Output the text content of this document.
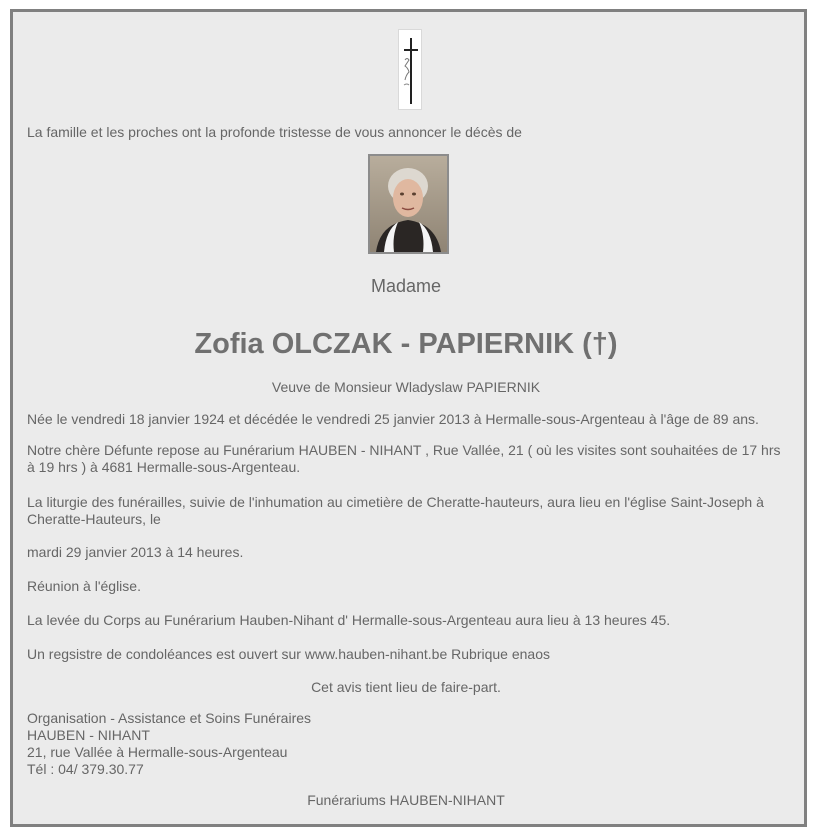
La famille et les proches ont la profonde tristesse de vous annoncer le décès de
Madame
Zofia OLCZAK - PAPIERNIK (†)
Veuve de Monsieur Wladyslaw PAPIERNIK
Née le vendredi 18 janvier 1924 et décédée le vendredi 25 janvier 2013 à Hermalle-sous-Argenteau à l'âge de 89 ans.
Notre chère Défunte repose au Funérarium HAUBEN - NIHANT , Rue Vallée, 21 ( où les visites sont souhaitées de 17 hrs à 19 hrs ) à 4681 Hermalle-sous-Argenteau.
La liturgie des funérailles, suivie de l'inhumation au cimetière de Cheratte-hauteurs, aura lieu en l'église Saint-Joseph à Cheratte-Hauteurs, le
mardi 29 janvier 2013 à 14 heures.
Réunion à l'église.
La levée du Corps au Funérarium Hauben-Nihant d' Hermalle-sous-Argenteau aura lieu à 13 heures 45.
Un regsistre de condoléances est ouvert sur www.hauben-nihant.be Rubrique enaos
Cet avis tient lieu de faire-part.
Organisation - Assistance et Soins Funéraires
HAUBEN - NIHANT
21, rue Vallée à Hermalle-sous-Argenteau
Tél : 04/ 379.30.77
Funérariums HAUBEN-NIHANT
